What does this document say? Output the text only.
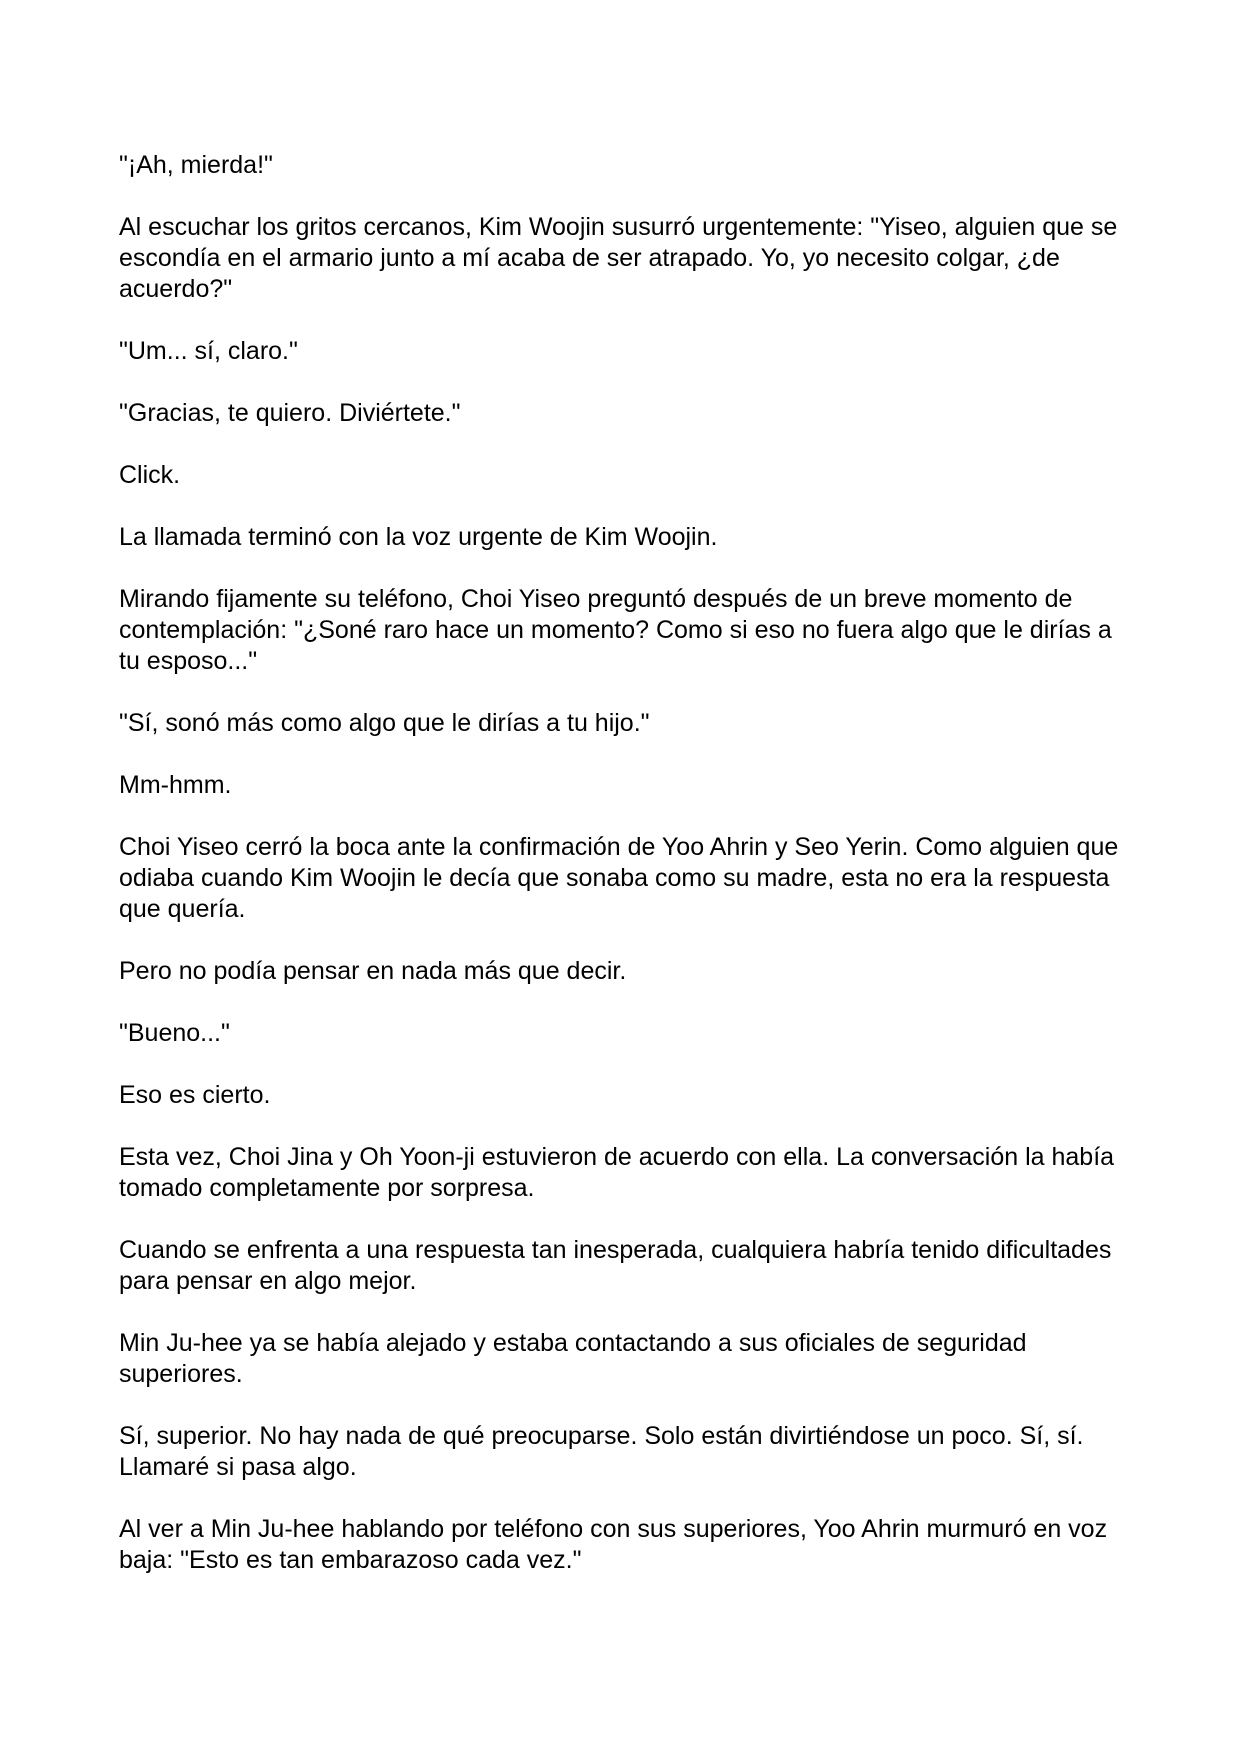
"¡Ah, mierda!"

Al escuchar los gritos cercanos, Kim Woojin susurró urgentemente: "Yiseo, alguien que se escondía en el armario junto a mí acaba de ser atrapado. Yo, yo necesito colgar, ¿de acuerdo?"

"Um... sí, claro."

"Gracias, te quiero. Diviértete."

Click.

La llamada terminó con la voz urgente de Kim Woojin.

Mirando fijamente su teléfono, Choi Yiseo preguntó después de un breve momento de contemplación: "¿Soné raro hace un momento? Como si eso no fuera algo que le dirías a tu esposo..."

"Sí, sonó más como algo que le dirías a tu hijo."

Mm-hmm.

Choi Yiseo cerró la boca ante la confirmación de Yoo Ahrin y Seo Yerin. Como alguien que odiaba cuando Kim Woojin le decía que sonaba como su madre, esta no era la respuesta que quería.

Pero no podía pensar en nada más que decir.

"Bueno..."

Eso es cierto.

Esta vez, Choi Jina y Oh Yoon-ji estuvieron de acuerdo con ella. La conversación la había tomado completamente por sorpresa.

Cuando se enfrenta a una respuesta tan inesperada, cualquiera habría tenido dificultades para pensar en algo mejor.

Min Ju-hee ya se había alejado y estaba contactando a sus oficiales de seguridad superiores.

Sí, superior. No hay nada de qué preocuparse. Solo están divirtiéndose un poco. Sí, sí. Llamaré si pasa algo.

Al ver a Min Ju-hee hablando por teléfono con sus superiores, Yoo Ahrin murmuró en voz baja: "Esto es tan embarazoso cada vez."
